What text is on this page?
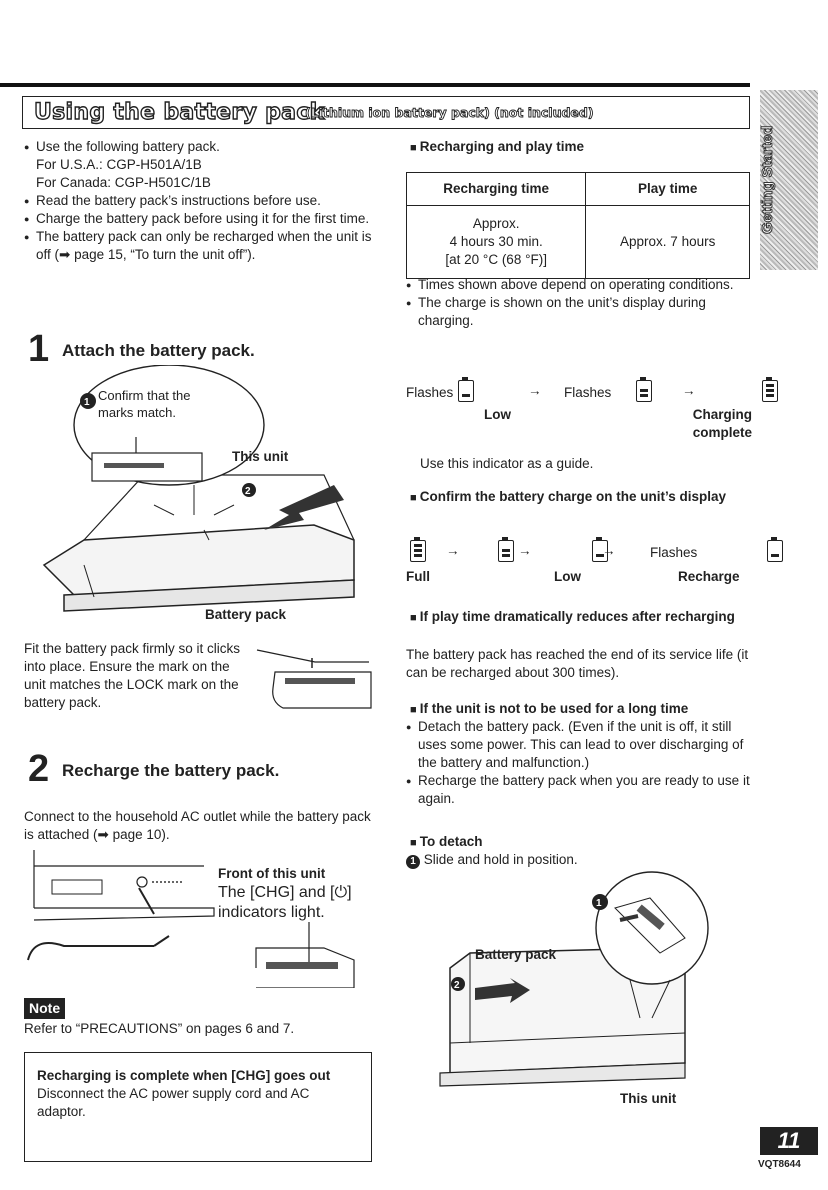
Using the battery pack
(Lithium ion battery pack) (not included)
Getting Started
● Use the following battery pack.
For U.S.A.: CGP-H501A/1B
For Canada: CGP-H501C/1B
● Read the battery pack’s instructions before use.
● Charge the battery pack before using it for the first time.
● The battery pack can only be recharged when the unit is off (➡ page 15, “To turn the unit off”).
1 Attach the battery pack.
2
1 Confirm that the marks match.
This unit
Battery pack
Fit the battery pack firmly so it clicks into place. Ensure the mark on the unit matches the LOCK mark on the battery pack.
2 Recharge the battery pack.
Connect to the household AC outlet while the battery pack is attached (➡ page 10).
Front of this unit
The [CHG] and [⏻] indicators light.
Note
Refer to “PRECAUTIONS” on pages 6 and 7.
Recharging is complete when [CHG] goes out
Disconnect the AC power supply cord and AC adaptor.
■ Recharging and play time
Recharging time	Play time
Approx.
4 hours 30 min.
[at 20 °C (68 °F)]	Approx. 7 hours
● Times shown above depend on operating conditions.
● The charge is shown on the unit’s display during charging.
Flashes
	→ Flashes
	→
Low	Charging complete
Use this indicator as a guide.
■ Confirm the battery charge on the unit’s display

→
	→
	→	Flashes
Full	Low	Recharge
■ If play time dramatically reduces after recharging
The battery pack has reached the end of its service life (it can be recharged about 300 times).
■ If the unit is not to be used for a long time
● Detach the battery pack. (Even if the unit is off, it still uses some power. This can lead to over discharging of the battery and malfunction.)
● Recharge the battery pack when you are ready to use it again.
■ To detach
1 Slide and hold in position.
2
1
Battery pack
This unit
11
VQT8644
